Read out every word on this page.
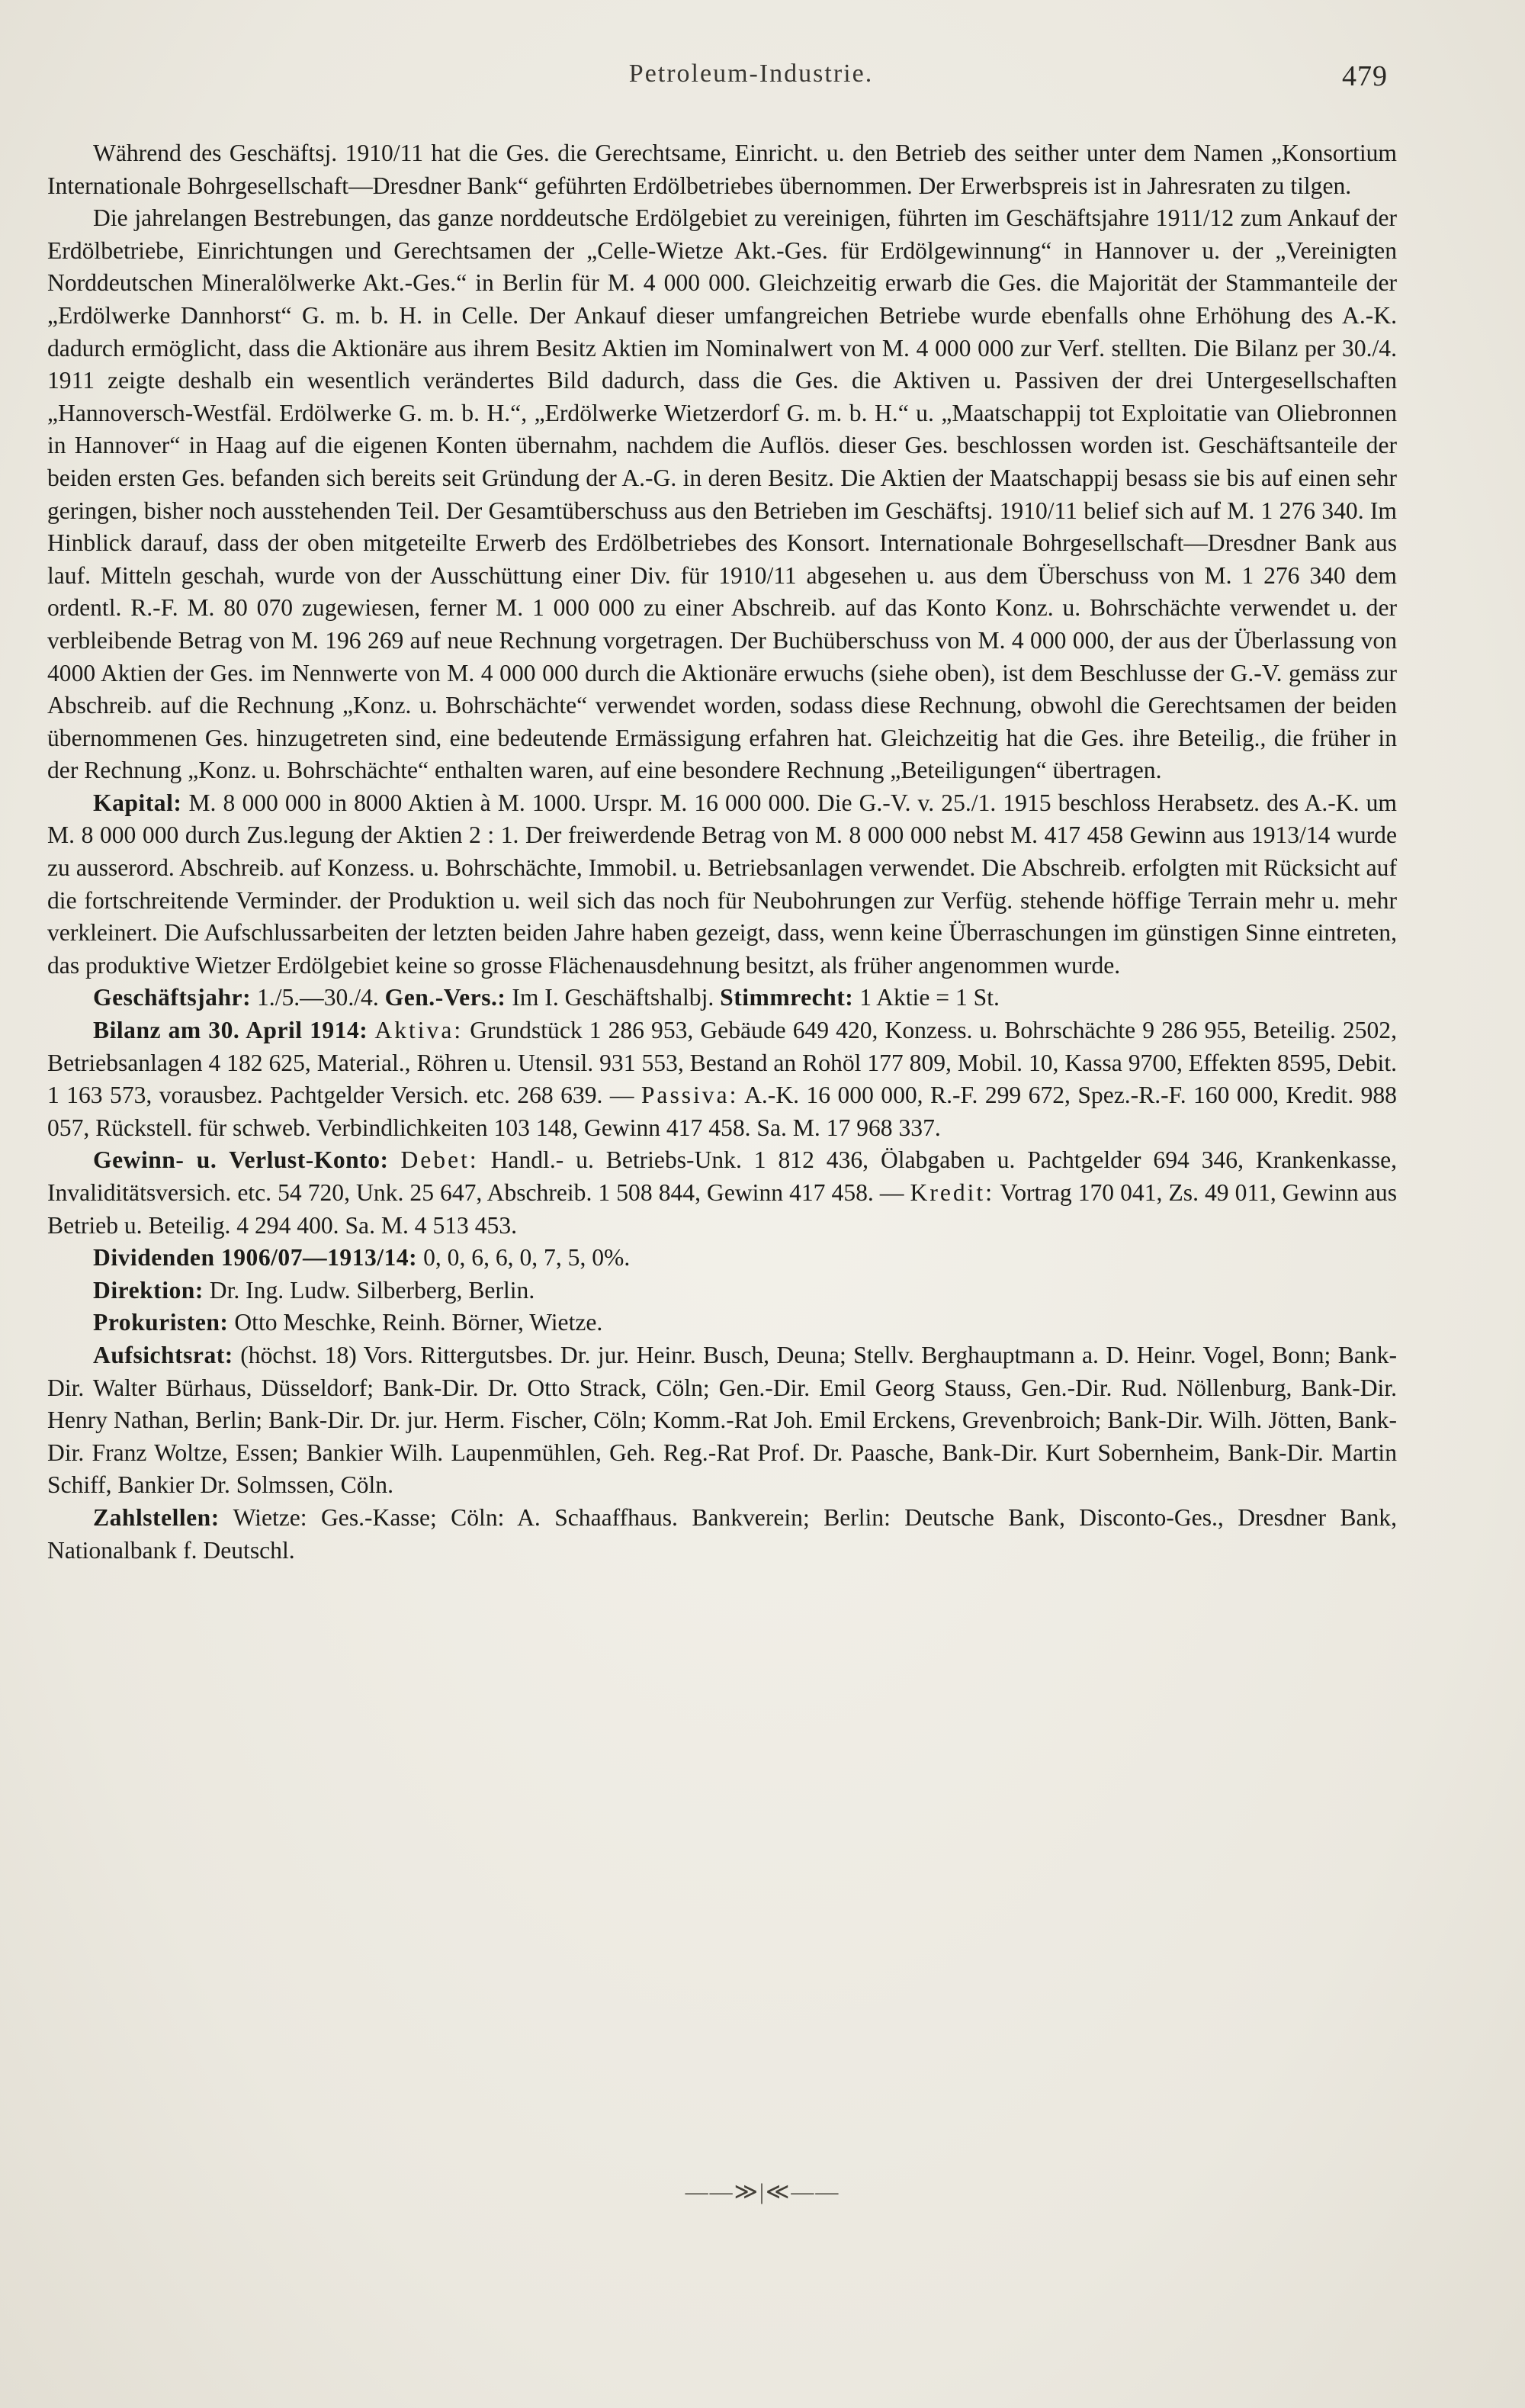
Petroleum-Industrie.	479

Während des Geschäftsj. 1910/11 hat die Ges. die Gerechtsame, Einricht. u. den Betrieb des seither unter dem Namen „Konsortium Internationale Bohrgesellschaft—Dresdner Bank“ geführten Erdölbetriebes übernommen. Der Erwerbspreis ist in Jahresraten zu tilgen.

Die jahrelangen Bestrebungen, das ganze norddeutsche Erdölgebiet zu vereinigen, führten im Geschäftsjahre 1911/12 zum Ankauf der Erdölbetriebe, Einrichtungen und Gerechtsamen der „Celle-Wietze Akt.-Ges. für Erdölgewinnung“ in Hannover u. der „Vereinigten Norddeutschen Mineralölwerke Akt.-Ges.“ in Berlin für M. 4 000 000. Gleichzeitig erwarb die Ges. die Majorität der Stammanteile der „Erdölwerke Dannhorst“ G. m. b. H. in Celle. Der Ankauf dieser umfangreichen Betriebe wurde ebenfalls ohne Erhöhung des A.-K. dadurch ermöglicht, dass die Aktionäre aus ihrem Besitz Aktien im Nominalwert von M. 4 000 000 zur Verf. stellten. Die Bilanz per 30./4. 1911 zeigte deshalb ein wesentlich verändertes Bild dadurch, dass die Ges. die Aktiven u. Passiven der drei Untergesellschaften „Hannoversch-Westfäl. Erdölwerke G. m. b. H.“, „Erdölwerke Wietzerdorf G. m. b. H.“ u. „Maatschappij tot Exploitatie van Oliebronnen in Hannover“ in Haag auf die eigenen Konten übernahm, nachdem die Auflös. dieser Ges. beschlossen worden ist. Geschäftsanteile der beiden ersten Ges. befanden sich bereits seit Gründung der A.-G. in deren Besitz. Die Aktien der Maatschappij besass sie bis auf einen sehr geringen, bisher noch ausstehenden Teil. Der Gesamtüberschuss aus den Betrieben im Geschäftsj. 1910/11 belief sich auf M. 1 276 340. Im Hinblick darauf, dass der oben mitgeteilte Erwerb des Erdölbetriebes des Konsort. Internationale Bohrgesellschaft—Dresdner Bank aus lauf. Mitteln geschah, wurde von der Ausschüttung einer Div. für 1910/11 abgesehen u. aus dem Überschuss von M. 1 276 340 dem ordentl. R.-F. M. 80 070 zugewiesen, ferner M. 1 000 000 zu einer Abschreib. auf das Konto Konz. u. Bohrschächte verwendet u. der verbleibende Betrag von M. 196 269 auf neue Rechnung vorgetragen. Der Buchüberschuss von M. 4 000 000, der aus der Überlassung von 4000 Aktien der Ges. im Nennwerte von M. 4 000 000 durch die Aktionäre erwuchs (siehe oben), ist dem Beschlusse der G.-V. gemäss zur Abschreib. auf die Rechnung „Konz. u. Bohrschächte“ verwendet worden, sodass diese Rechnung, obwohl die Gerechtsamen der beiden übernommenen Ges. hinzugetreten sind, eine bedeutende Ermässigung erfahren hat. Gleichzeitig hat die Ges. ihre Beteilig., die früher in der Rechnung „Konz. u. Bohrschächte“ enthalten waren, auf eine besondere Rechnung „Beteiligungen“ übertragen.

Kapital: M. 8 000 000 in 8000 Aktien à M. 1000. Urspr. M. 16 000 000. Die G.-V. v. 25./1. 1915 beschloss Herabsetz. des A.-K. um M. 8 000 000 durch Zus.legung der Aktien 2 : 1. Der freiwerdende Betrag von M. 8 000 000 nebst M. 417 458 Gewinn aus 1913/14 wurde zu ausserord. Abschreib. auf Konzess. u. Bohrschächte, Immobil. u. Betriebsanlagen verwendet. Die Abschreib. erfolgten mit Rücksicht auf die fortschreitende Verminder. der Produktion u. weil sich das noch für Neubohrungen zur Verfüg. stehende höffige Terrain mehr u. mehr verkleinert. Die Aufschlussarbeiten der letzten beiden Jahre haben gezeigt, dass, wenn keine Überraschungen im günstigen Sinne eintreten, das produktive Wietzer Erdölgebiet keine so grosse Flächenausdehnung besitzt, als früher angenommen wurde.

Geschäftsjahr: 1./5.—30./4. Gen.-Vers.: Im I. Geschäftshalbj. Stimmrecht: 1 Aktie = 1 St.

Bilanz am 30. April 1914: Aktiva: Grundstück 1 286 953, Gebäude 649 420, Konzess. u. Bohrschächte 9 286 955, Beteilig. 2502, Betriebsanlagen 4 182 625, Material., Röhren u. Utensil. 931 553, Bestand an Rohöl 177 809, Mobil. 10, Kassa 9700, Effekten 8595, Debit. 1 163 573, vorausbez. Pachtgelder Versich. etc. 268 639. — Passiva: A.-K. 16 000 000, R.-F. 299 672, Spez.-R.-F. 160 000, Kredit. 988 057, Rückstell. für schweb. Verbindlichkeiten 103 148, Gewinn 417 458. Sa. M. 17 968 337.

Gewinn- u. Verlust-Konto: Debet: Handl.- u. Betriebs-Unk. 1 812 436, Ölabgaben u. Pachtgelder 694 346, Krankenkasse, Invaliditätsversich. etc. 54 720, Unk. 25 647, Abschreib. 1 508 844, Gewinn 417 458. — Kredit: Vortrag 170 041, Zs. 49 011, Gewinn aus Betrieb u. Beteilig. 4 294 400. Sa. M. 4 513 453.

Dividenden 1906/07—1913/14: 0, 0, 6, 6, 0, 7, 5, 0%.

Direktion: Dr. Ing. Ludw. Silberberg, Berlin.

Prokuristen: Otto Meschke, Reinh. Börner, Wietze.

Aufsichtsrat: (höchst. 18) Vors. Rittergutsbes. Dr. jur. Heinr. Busch, Deuna; Stellv. Berghauptmann a. D. Heinr. Vogel, Bonn; Bank-Dir. Walter Bürhaus, Düsseldorf; Bank-Dir. Dr. Otto Strack, Cöln; Gen.-Dir. Emil Georg Stauss, Gen.-Dir. Rud. Nöllenburg, Bank-Dir. Henry Nathan, Berlin; Bank-Dir. Dr. jur. Herm. Fischer, Cöln; Komm.-Rat Joh. Emil Erckens, Grevenbroich; Bank-Dir. Wilh. Jötten, Bank-Dir. Franz Woltze, Essen; Bankier Wilh. Laupenmühlen, Geh. Reg.-Rat Prof. Dr. Paasche, Bank-Dir. Kurt Sobernheim, Bank-Dir. Martin Schiff, Bankier Dr. Solmssen, Cöln.

Zahlstellen: Wietze: Ges.-Kasse; Cöln: A. Schaaffhaus. Bankverein; Berlin: Deutsche Bank, Disconto-Ges., Dresdner Bank, Nationalbank f. Deutschl.

——≫|≪——
